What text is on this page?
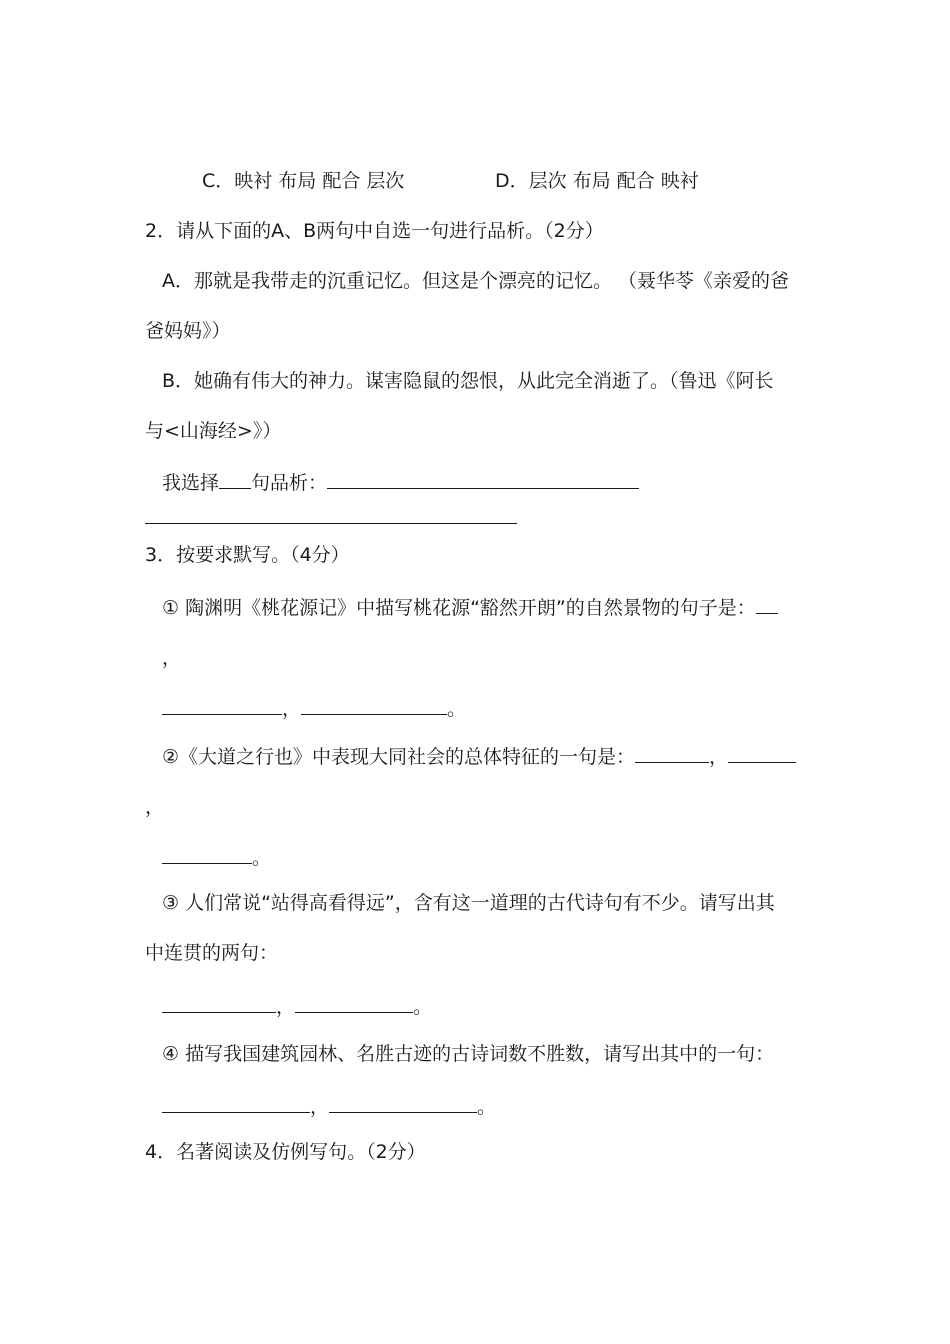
C．映衬 布局 配合 层次	D．层次 布局 配合 映衬
2．请从下面的A、B两句中自选一句进行品析。（2分）
A．那就是我带走的沉重记忆。但这是个漂亮的记忆。 （聂华苓《亲爱的爸
爸妈妈》）
B．她确有伟大的神力。谋害隐鼠的怨恨，从此完全消逝了。（鲁迅《阿长
与<山海经>》）
我选择 句品析：
3．按要求默写。（4分）
① 陶渊明《桃花源记》中描写桃花源“豁然开朗”的自然景物的句子是：
，
，	。
②《大道之行也》中表现大同社会的总体特征的一句是：	，
，
。
③ 人们常说“站得高看得远”，含有这一道理的古代诗句有不少。请写出其
中连贯的两句：
，	。
④ 描写我国建筑园林、名胜古迹的古诗词数不胜数，请写出其中的一句：
，	。
4．名著阅读及仿例写句。（2分）
